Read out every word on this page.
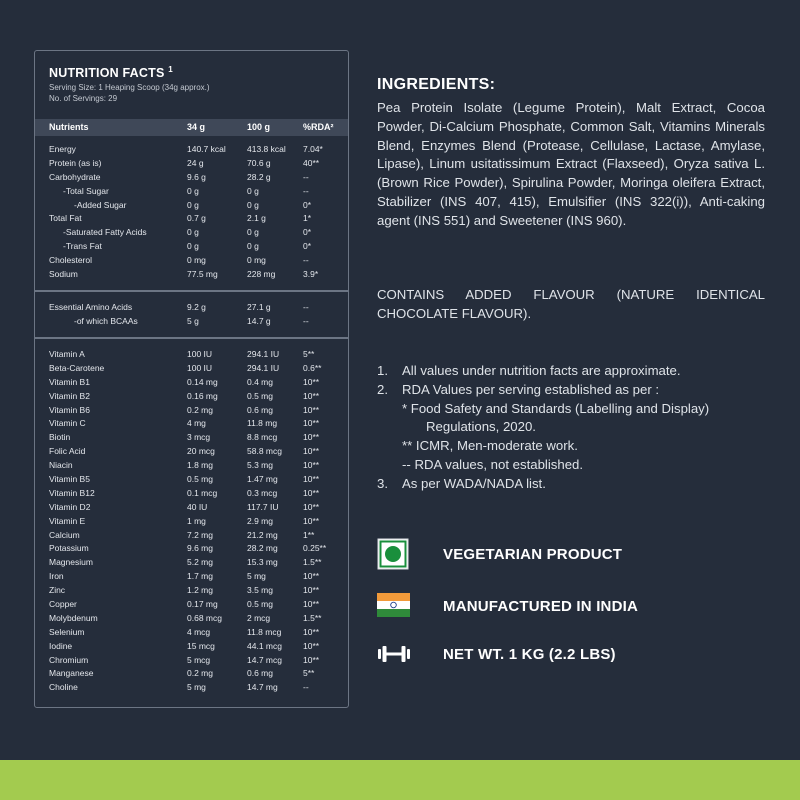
NUTRITION FACTS $^1$
Serving Size: 1 Heaping Scoop (34g approx.)
No. of Servings: 29
Nutrients	34 g	100 g	%RDA²
Energy	140.7 kcal	413.8 kcal 7.04*
Protein (as is)	24 g	70.6 g	40**
Carbohydrate	9.6 g	28.2 g	--
-Total Sugar	0 g	0 g	--
-Added Sugar	0 g	0 g	0*
Total Fat	0.7 g	2.1 g	1*
-Saturated Fatty Acids	0 g	0 g	0*
-Trans Fat	0 g	0 g	0*
Cholesterol	0 mg	0 mg	--
Sodium	77.5 mg	228 mg	3.9*
Essential Amino Acids	9.2 g	27.1 g	--
-of which BCAAs	5 g	14.7 g	--
Vitamin A	100 IU	294.1 IU	5**
Beta-Carotene	100 IU	294.1 IU	0.6**
Vitamin B1	0.14 mg	0.4 mg	10**
Vitamin B2	0.16 mg	0.5 mg	10**
Vitamin B6	0.2 mg	0.6 mg	10**
Vitamin C	4 mg	11.8 mg	10**
Biotin	3 mcg	8.8 mcg	10**
Folic Acid	20 mcg	58.8 mcg 10**
Niacin	1.8 mg	5.3 mg	10**
Vitamin B5	0.5 mg	1.47 mg	10**
Vitamin B12	0.1 mcg	0.3 mcg	10**
Vitamin D2	40 IU	117.7 IU	10**
Vitamin E	1 mg	2.9 mg	10**
Calcium	7.2 mg	21.2 mg	1**
Potassium	9.6 mg	28.2 mg	0.25**
Magnesium	5.2 mg	15.3 mg	1.5**
Iron	1.7 mg	5 mg	10**
Zinc	1.2 mg	3.5 mg	10**
Copper	0.17 mg	0.5 mg	10**
Molybdenum	0.68 mcg	2 mcg	1.5**
Selenium	4 mcg	11.8 mcg	10**
Iodine	15 mcg	44.1 mcg 10**
Chromium	5 mcg	14.7 mcg 10**
Manganese	0.2 mg	0.6 mg	5**
Choline	5 mg	14.7 mg	--
INGREDIENTS:
Pea Protein Isolate (Legume Protein), Malt Extract, Cocoa Powder, Di-Calcium Phosphate, Common Salt, Vitamins Minerals Blend, Enzymes Blend (Protease, Cellulase, Lactase, Amylase, Lipase), Linum usitatissimum Extract (Flaxseed), Oryza sativa L. (Brown Rice Powder), Spirulina Powder, Moringa oleifera Extract, Stabilizer (INS 407, 415), Emulsifier (INS 322(i)), Anti-caking agent (INS 551) and Sweetener (INS 960).
CONTAINS ADDED FLAVOUR (NATURE IDENTICAL CHOCOLATE FLAVOUR).
1. All values under nutrition facts are approximate.
2. RDA Values per serving established as per :
* Food Safety and Standards (Labelling and Display)
Regulations, 2020.
** ICMR, Men-moderate work.
-- RDA values, not established.
3. As per WADA/NADA list.
VEGETARIAN PRODUCT
MANUFACTURED IN INDIA
NET WT. 1 KG (2.2 LBS)
